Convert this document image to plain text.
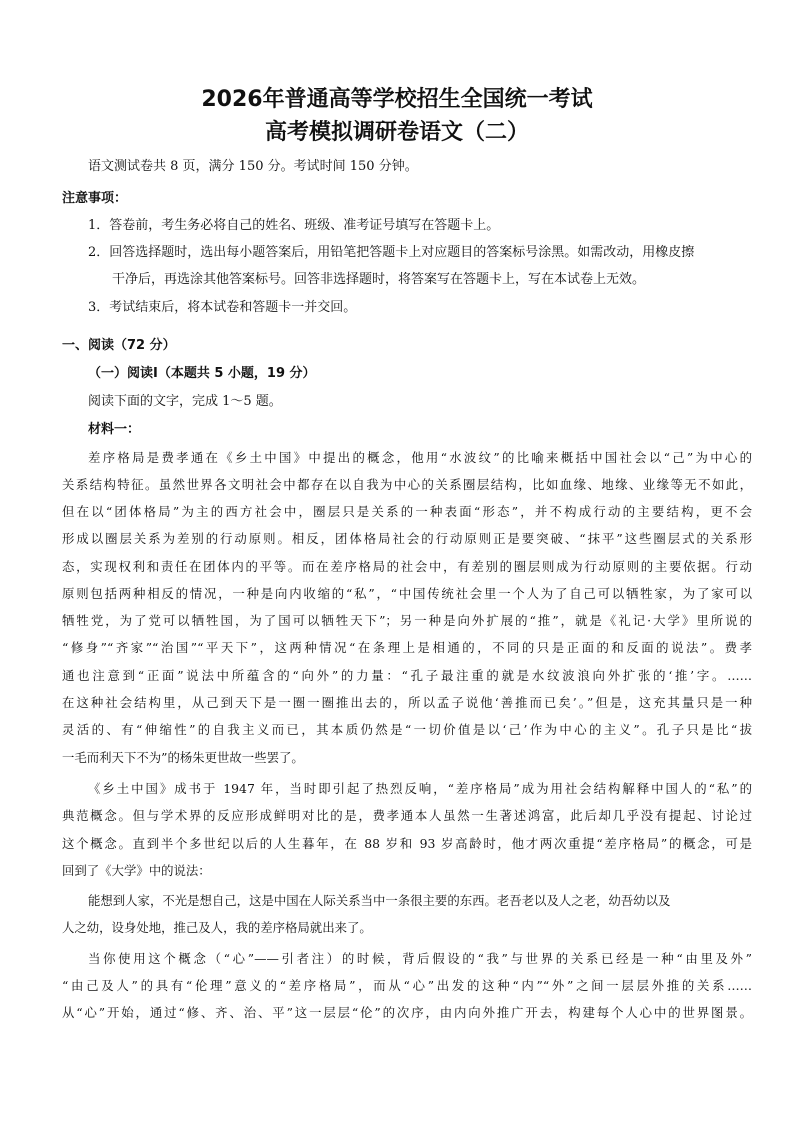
2026年普通高等学校招生全国统一考试
高考模拟调研卷语文（二）
语文测试卷共 8 页，满分 150 分。考试时间 150 分钟。
注意事项：
1．答卷前，考生务必将自己的姓名、班级、准考证号填写在答题卡上。
2．回答选择题时，选出每小题答案后，用铅笔把答题卡上对应题目的答案标号涂黑。如需改动，用橡皮擦
干净后，再选涂其他答案标号。回答非选择题时，将答案写在答题卡上，写在本试卷上无效。
3．考试结束后，将本试卷和答题卡一并交回。
一、阅读（72 分）
（一）阅读Ⅰ（本题共 5 小题，19 分）
阅读下面的文字，完成 1～5 题。
材料一：
差序格局是费孝通在《乡土中国》中提出的概念，他用“水波纹”的比喻来概括中国社会以“己”为中心的
关系结构特征。虽然世界各文明社会中都存在以自我为中心的关系圈层结构，比如血缘、地缘、业缘等无不如此，
但在以“团体格局”为主的西方社会中，圈层只是关系的一种表面“形态”，并不构成行动的主要结构，更不会
形成以圈层关系为差别的行动原则。相反，团体格局社会的行动原则正是要突破、“抹平”这些圈层式的关系形
态，实现权利和责任在团体内的平等。而在差序格局的社会中，有差别的圈层则成为行动原则的主要依据。行动
原则包括两种相反的情况，一种是向内收缩的“私”，“中国传统社会里一个人为了自己可以牺牲家，为了家可以
牺牲党，为了党可以牺牲国，为了国可以牺牲天下”；另一种是向外扩展的“推”，就是《礼记·大学》里所说的
“修身”“齐家”“治国”“平天下”，这两种情况“在条理上是相通的，不同的只是正面的和反面的说法”。费孝
通也注意到“正面”说法中所蕴含的“向外”的力量：“孔子最注重的就是水纹波浪向外扩张的‘推’字。……
在这种社会结构里，从己到天下是一圈一圈推出去的，所以孟子说他‘善推而已矣’。”但是，这充其量只是一种
灵活的、有“伸缩性”的自我主义而已，其本质仍然是“一切价值是以‘己’作为中心的主义”。孔子只是比“拔
一毛而利天下不为”的杨朱更世故一些罢了。
《乡土中国》成书于 1947 年，当时即引起了热烈反响，“差序格局”成为用社会结构解释中国人的“私”的
典范概念。但与学术界的反应形成鲜明对比的是，费孝通本人虽然一生著述鸿富，此后却几乎没有提起、讨论过
这个概念。直到半个多世纪以后的人生暮年，在 88 岁和 93 岁高龄时，他才两次重提“差序格局”的概念，可是
回到了《大学》中的说法：
能想到人家，不光是想自己，这是中国在人际关系当中一条很主要的东西。老吾老以及人之老，幼吾幼以及
人之幼，设身处地，推己及人，我的差序格局就出来了。
当你使用这个概念（“心”——引者注）的时候，背后假设的“我”与世界的关系已经是一种“由里及外”
“由己及人”的具有“伦理”意义的“差序格局”，而从“心”出发的这种“内”“外”之间一层层外推的关系……
从“心”开始，通过“修、齐、治、平”这一层层“伦”的次序，由内向外推广开去，构建每个人心中的世界图景。
